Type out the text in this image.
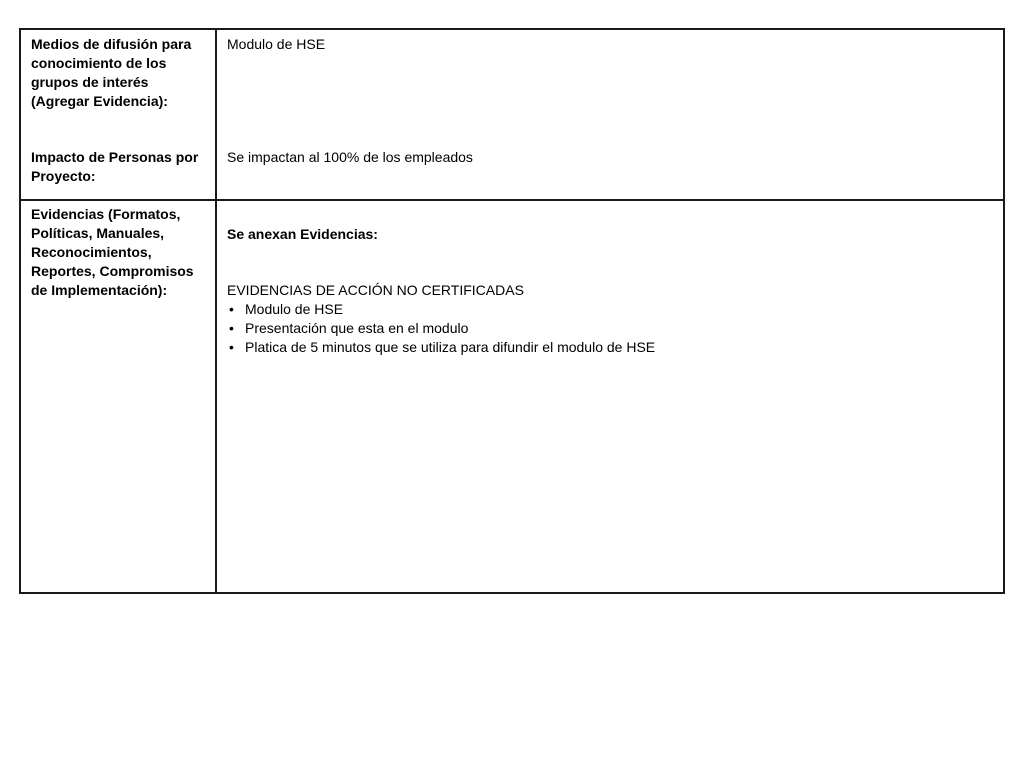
Medios de difusión para conocimiento de los grupos de interés (Agregar Evidencia):

Modulo de HSE

Impacto de Personas por Proyecto:

Se impactan al 100% de los empleados

Evidencias (Formatos, Políticas, Manuales, Reconocimientos, Reportes, Compromisos de Implementación):

Se anexan Evidencias:

EVIDENCIAS DE ACCIÓN NO CERTIFICADAS

• Modulo de HSE
• Presentación que esta en el modulo
• Platica de 5 minutos que se utiliza para difundir el modulo de HSE
